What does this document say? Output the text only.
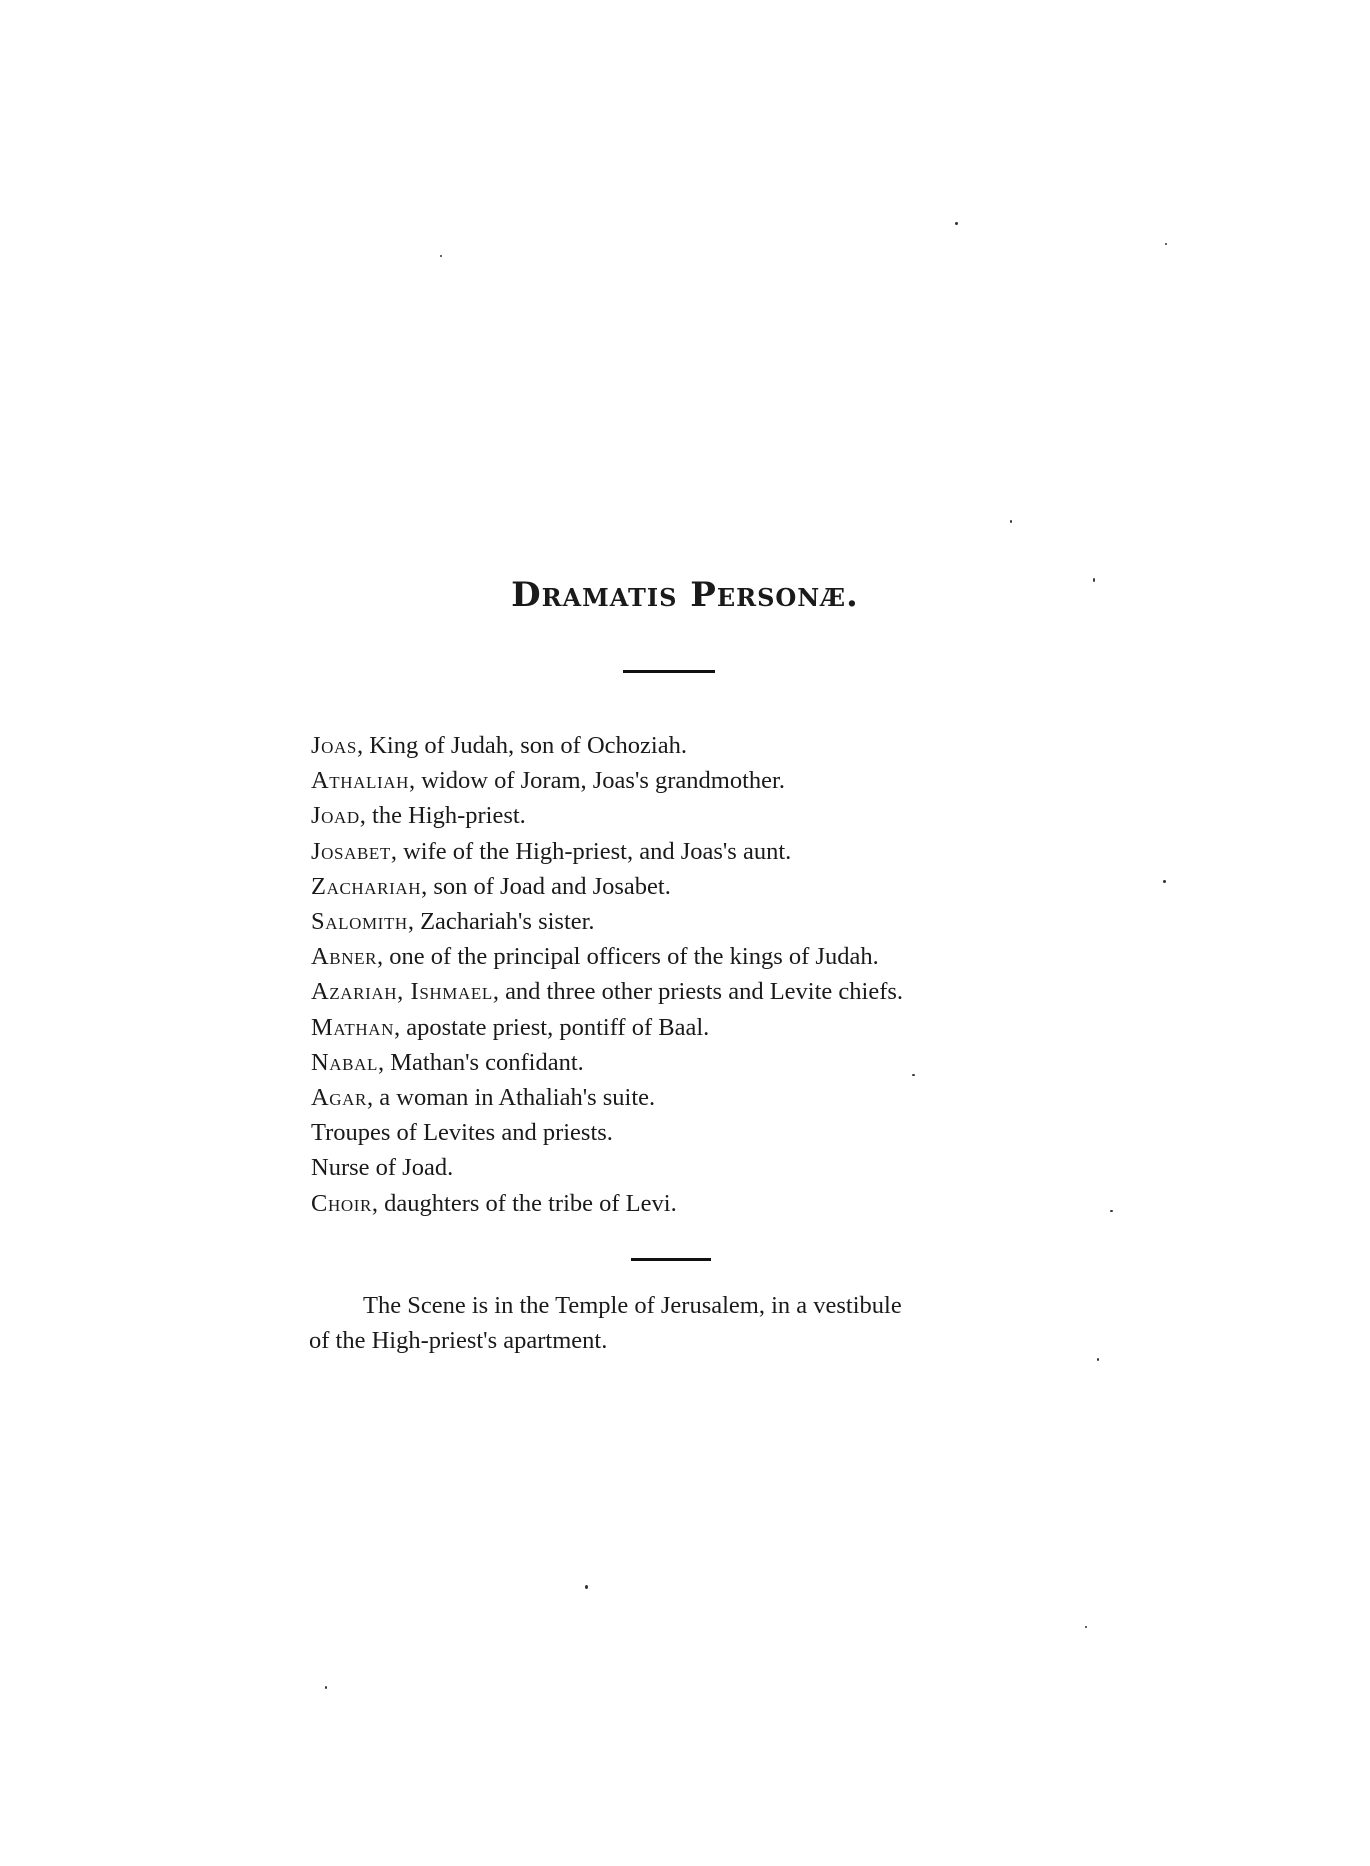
Dramatis Personæ.
Joas, King of Judah, son of Ochoziah.
Athaliah, widow of Joram, Joas's grandmother.
Joad, the High-priest.
Josabet, wife of the High-priest, and Joas's aunt.
Zachariah, son of Joad and Josabet.
Salomith, Zachariah's sister.
Abner, one of the principal officers of the kings of Judah.
Azariah, Ishmael, and three other priests and Levite chiefs.
Mathan, apostate priest, pontiff of Baal.
Nabal, Mathan's confidant.
Agar, a woman in Athaliah's suite.
Troupes of Levites and priests.
Nurse of Joad.
Choir, daughters of the tribe of Levi.

The Scene is in the Temple of Jerusalem, in a vestibule
of the High-priest's apartment.
